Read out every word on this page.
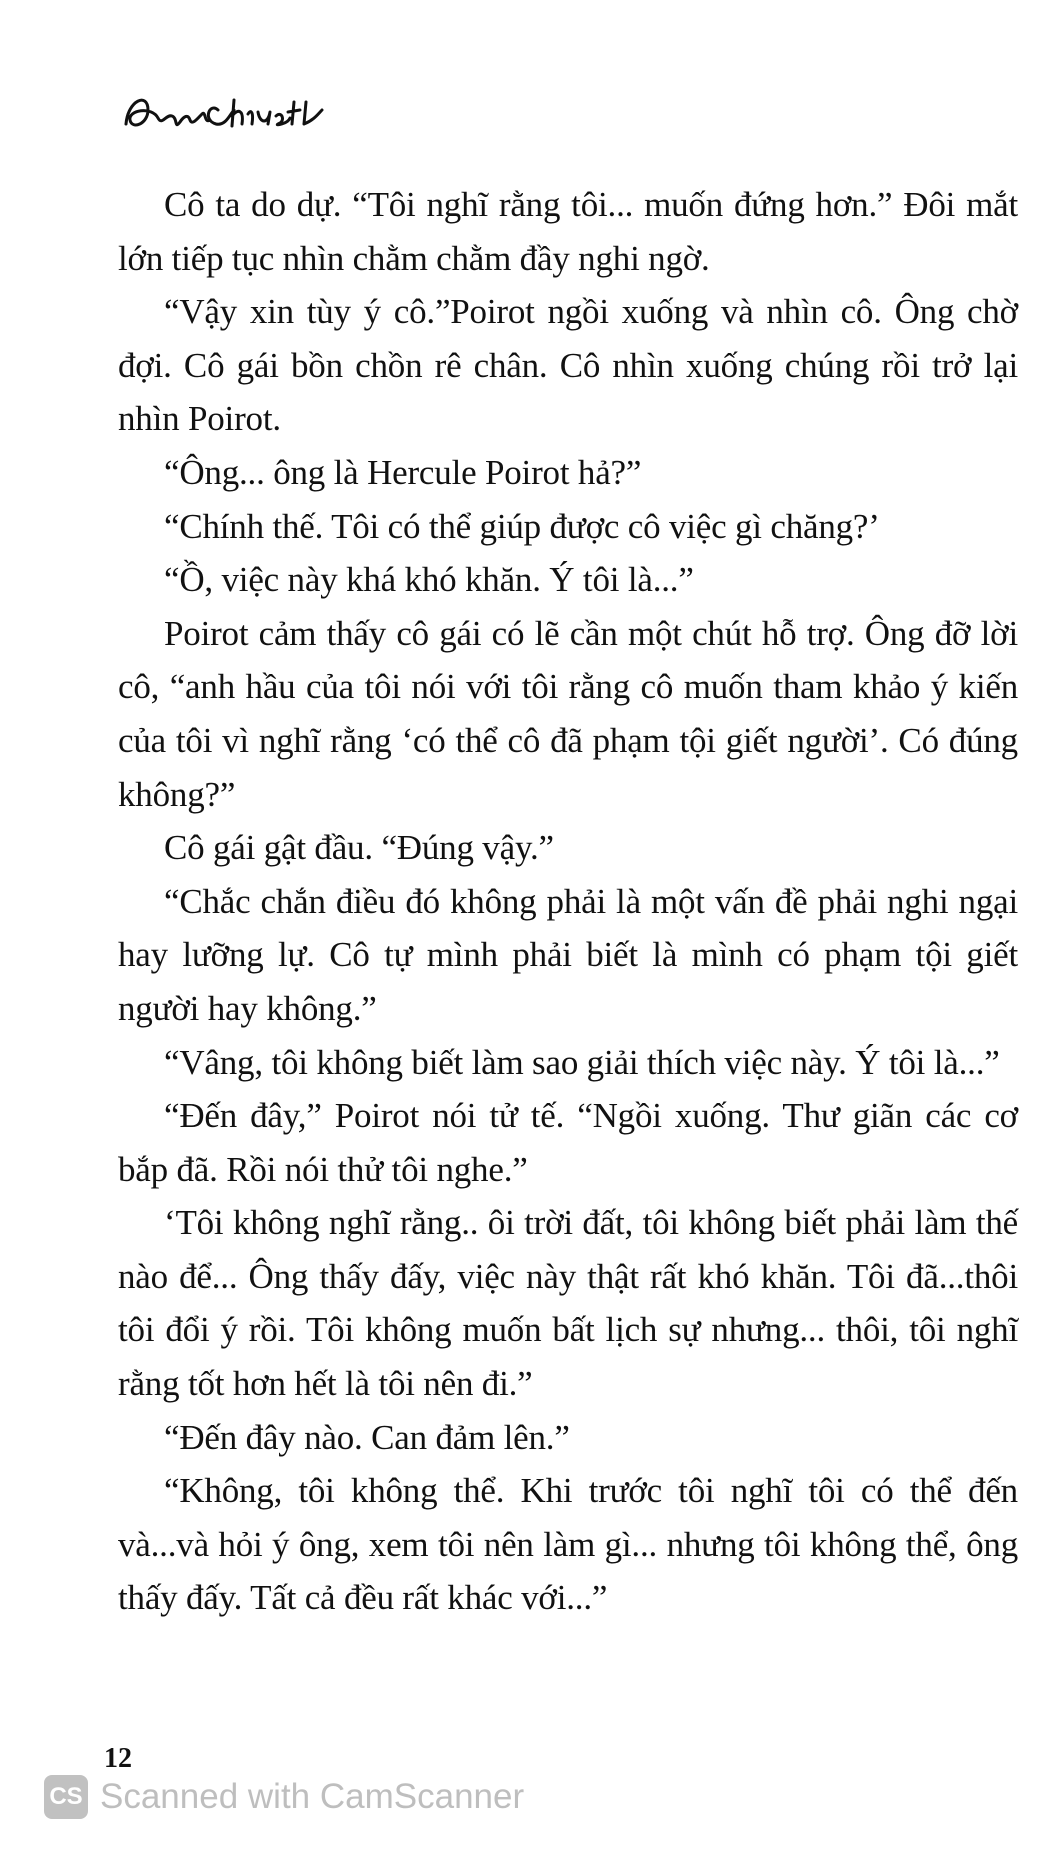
Cô ta do dự. “Tôi nghĩ rằng tôi... muốn đứng hơn.” Đôi mắt lớn tiếp tục nhìn chằm chằm đầy nghi ngờ.

“Vậy xin tùy ý cô.”Poirot ngồi xuống và nhìn cô. Ông chờ đợi. Cô gái bồn chồn rê chân. Cô nhìn xuống chúng rồi trở lại nhìn Poirot.

“Ông... ông là Hercule Poirot hả?”

“Chính thế. Tôi có thể giúp được cô việc gì chăng?’

“Ồ, việc này khá khó khăn. Ý tôi là...”

Poirot cảm thấy cô gái có lẽ cần một chút hỗ trợ. Ông đỡ lời cô, “anh hầu của tôi nói với tôi rằng cô muốn tham khảo ý kiến của tôi vì nghĩ rằng ‘có thể cô đã phạm tội giết người’. Có đúng không?”

Cô gái gật đầu. “Đúng vậy.”

“Chắc chắn điều đó không phải là một vấn đề phải nghi ngại hay lưỡng lự. Cô tự mình phải biết là mình có phạm tội giết người hay không.”

“Vâng, tôi không biết làm sao giải thích việc này. Ý tôi là...”

“Đến đây,” Poirot nói tử tế. “Ngồi xuống. Thư giãn các cơ bắp đã. Rồi nói thử tôi nghe.”

‘Tôi không nghĩ rằng.. ôi trời đất, tôi không biết phải làm thế nào để... Ông thấy đấy, việc này thật rất khó khăn. Tôi đã...thôi tôi đổi ý rồi. Tôi không muốn bất lịch sự nhưng... thôi, tôi nghĩ rằng tốt hơn hết là tôi nên đi.”

“Đến đây nào. Can đảm lên.”

“Không, tôi không thể. Khi trước tôi nghĩ tôi có thể đến và...và hỏi ý ông, xem tôi nên làm gì... nhưng tôi không thể, ông thấy đấy. Tất cả đều rất khác với...”

12
CS Scanned with CamScanner
